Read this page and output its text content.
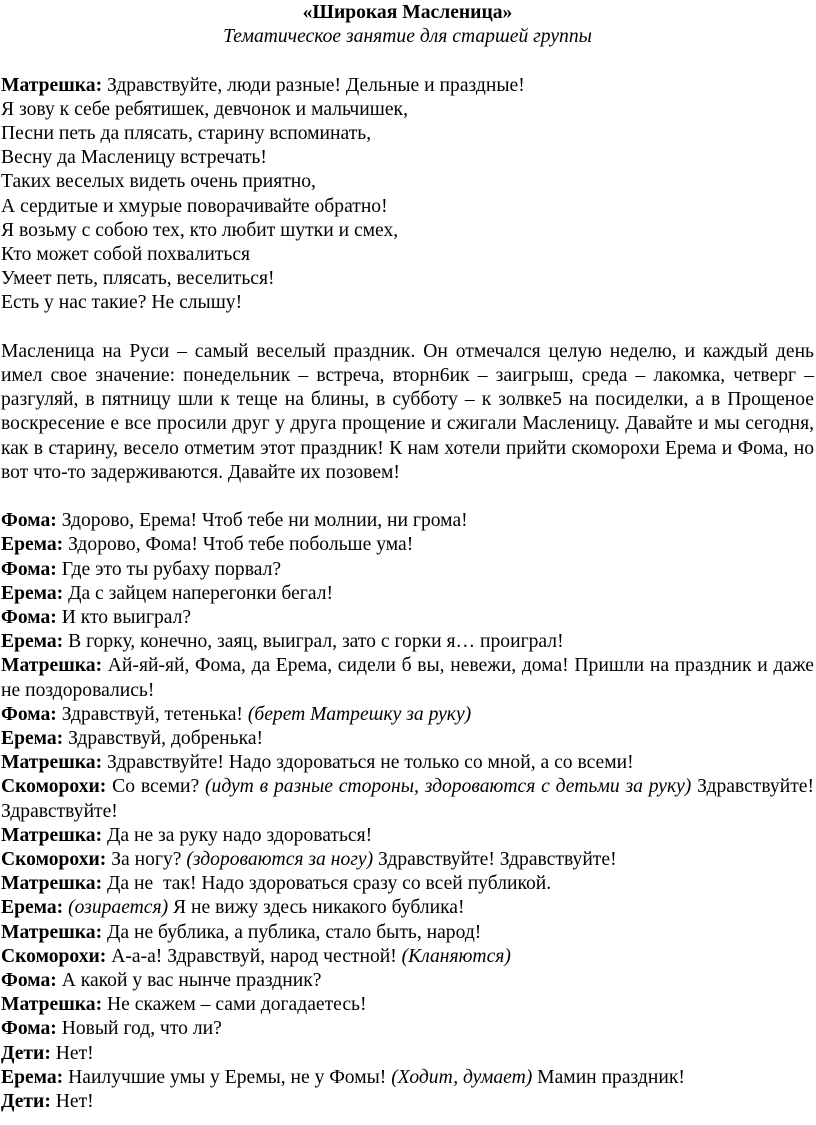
«Широкая Масленица»
Тематическое занятие для старшей группы
Матрешка: Здравствуйте, люди разные! Дельные и праздные!
Я зову к себе ребятишек, девчонок и мальчишек,
Песни петь да плясать, старину вспоминать,
Весну да Масленицу встречать!
Таких веселых видеть очень приятно,
А сердитые и хмурые поворачивайте обратно!
Я возьму с собою тех, кто любит шутки и смех,
Кто может собой похвалиться
Умеет петь, плясать, веселиться!
Есть у нас такие? Не слышу!
Масленица на Руси – самый веселый праздник. Он отмечался целую неделю, и каждый день имел свое значение: понедельник – встреча, вторн6ик – заигрыш, среда – лакомка, четверг – разгуляй, в пятницу шли к теще на блины, в субботу – к золвке5 на посиделки, а в Прощеное воскресение е все просили друг у друга прощение и сжигали Масленицу. Давайте и мы сегодня, как в старину, весело отметим этот праздник! К нам хотели прийти скоморохи Ерема и Фома, но вот что-то задерживаются. Давайте их позовем!
Фома: Здорово, Ерема! Чтоб тебе ни молнии, ни грома!
Ерема: Здорово, Фома! Чтоб тебе побольше ума!
Фома: Где это ты рубаху порвал?
Ерема: Да с зайцем наперегонки бегал!
Фома: И кто выиграл?
Ерема: В горку, конечно, заяц, выиграл, зато с горки я… проиграл!
Матрешка: Ай-яй-яй, Фома, да Ерема, сидели б вы, невежи, дома! Пришли на праздник и даже не поздоровались!
Фома: Здравствуй, тетенька! (берет Матрешку за руку)
Ерема: Здравствуй, добренька!
Матрешка: Здравствуйте! Надо здороваться не только со мной, а со всеми!
Скоморохи: Со всеми? (идут в разные стороны, здороваются с детьми за руку) Здравствуйте! Здравствуйте!
Матрешка: Да не за руку надо здороваться!
Скоморохи: За ногу? (здороваются за ногу) Здравствуйте! Здравствуйте!
Матрешка: Да не  так! Надо здороваться сразу со всей публикой.
Ерема: (озирается) Я не вижу здесь никакого бублика!
Матрешка: Да не бублика, а публика, стало быть, народ!
Скоморохи: А-а-а! Здравствуй, народ честной! (Кланяются)
Фома: А какой у вас нынче праздник?
Матрешка: Не скажем – сами догадаетесь!
Фома: Новый год, что ли?
Дети: Нет!
Ерема: Наилучшие умы у Еремы, не у Фомы! (Ходит, думает) Мамин праздник!
Дети: Нет!
